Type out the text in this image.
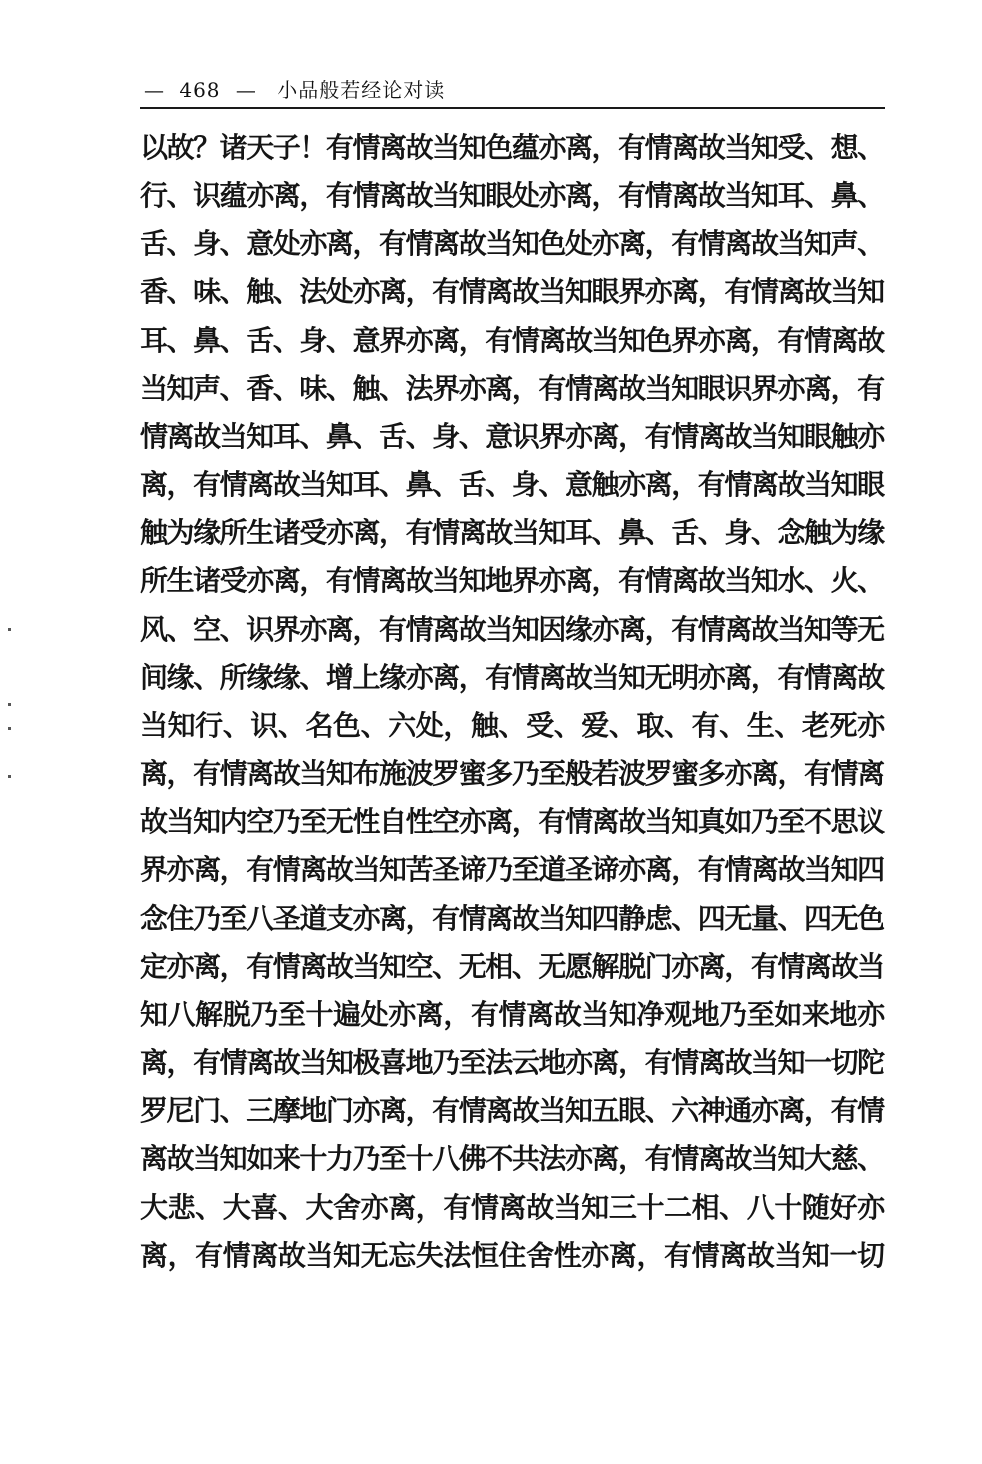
— 468 — 小品般若经论对读
以故？诸天子！有情离故当知色蕴亦离，有情离故当知受、想、
行、识蕴亦离，有情离故当知眼处亦离，有情离故当知耳、鼻、
舌、身、意处亦离，有情离故当知色处亦离，有情离故当知声、
香、味、触、法处亦离，有情离故当知眼界亦离，有情离故当知
耳、鼻、舌、身、意界亦离，有情离故当知色界亦离，有情离故
当知声、香、味、触、法界亦离，有情离故当知眼识界亦离，有
情离故当知耳、鼻、舌、身、意识界亦离，有情离故当知眼触亦
离，有情离故当知耳、鼻、舌、身、意触亦离，有情离故当知眼
触为缘所生诸受亦离，有情离故当知耳、鼻、舌、身、念触为缘
所生诸受亦离，有情离故当知地界亦离，有情离故当知水、火、
风、空、识界亦离，有情离故当知因缘亦离，有情离故当知等无
间缘、所缘缘、增上缘亦离，有情离故当知无明亦离，有情离故
当知行、识、名色、六处，触、受、爱、取、有、生、老死亦
离，有情离故当知布施波罗蜜多乃至般若波罗蜜多亦离，有情离
故当知内空乃至无性自性空亦离，有情离故当知真如乃至不思议
界亦离，有情离故当知苦圣谛乃至道圣谛亦离，有情离故当知四
念住乃至八圣道支亦离，有情离故当知四静虑、四无量、四无色
定亦离，有情离故当知空、无相、无愿解脱门亦离，有情离故当
知八解脱乃至十遍处亦离，有情离故当知净观地乃至如来地亦
离，有情离故当知极喜地乃至法云地亦离，有情离故当知一切陀
罗尼门、三摩地门亦离，有情离故当知五眼、六神通亦离，有情
离故当知如来十力乃至十八佛不共法亦离，有情离故当知大慈、
大悲、大喜、大舍亦离，有情离故当知三十二相、八十随好亦
离，有情离故当知无忘失法恒住舍性亦离，有情离故当知一切
